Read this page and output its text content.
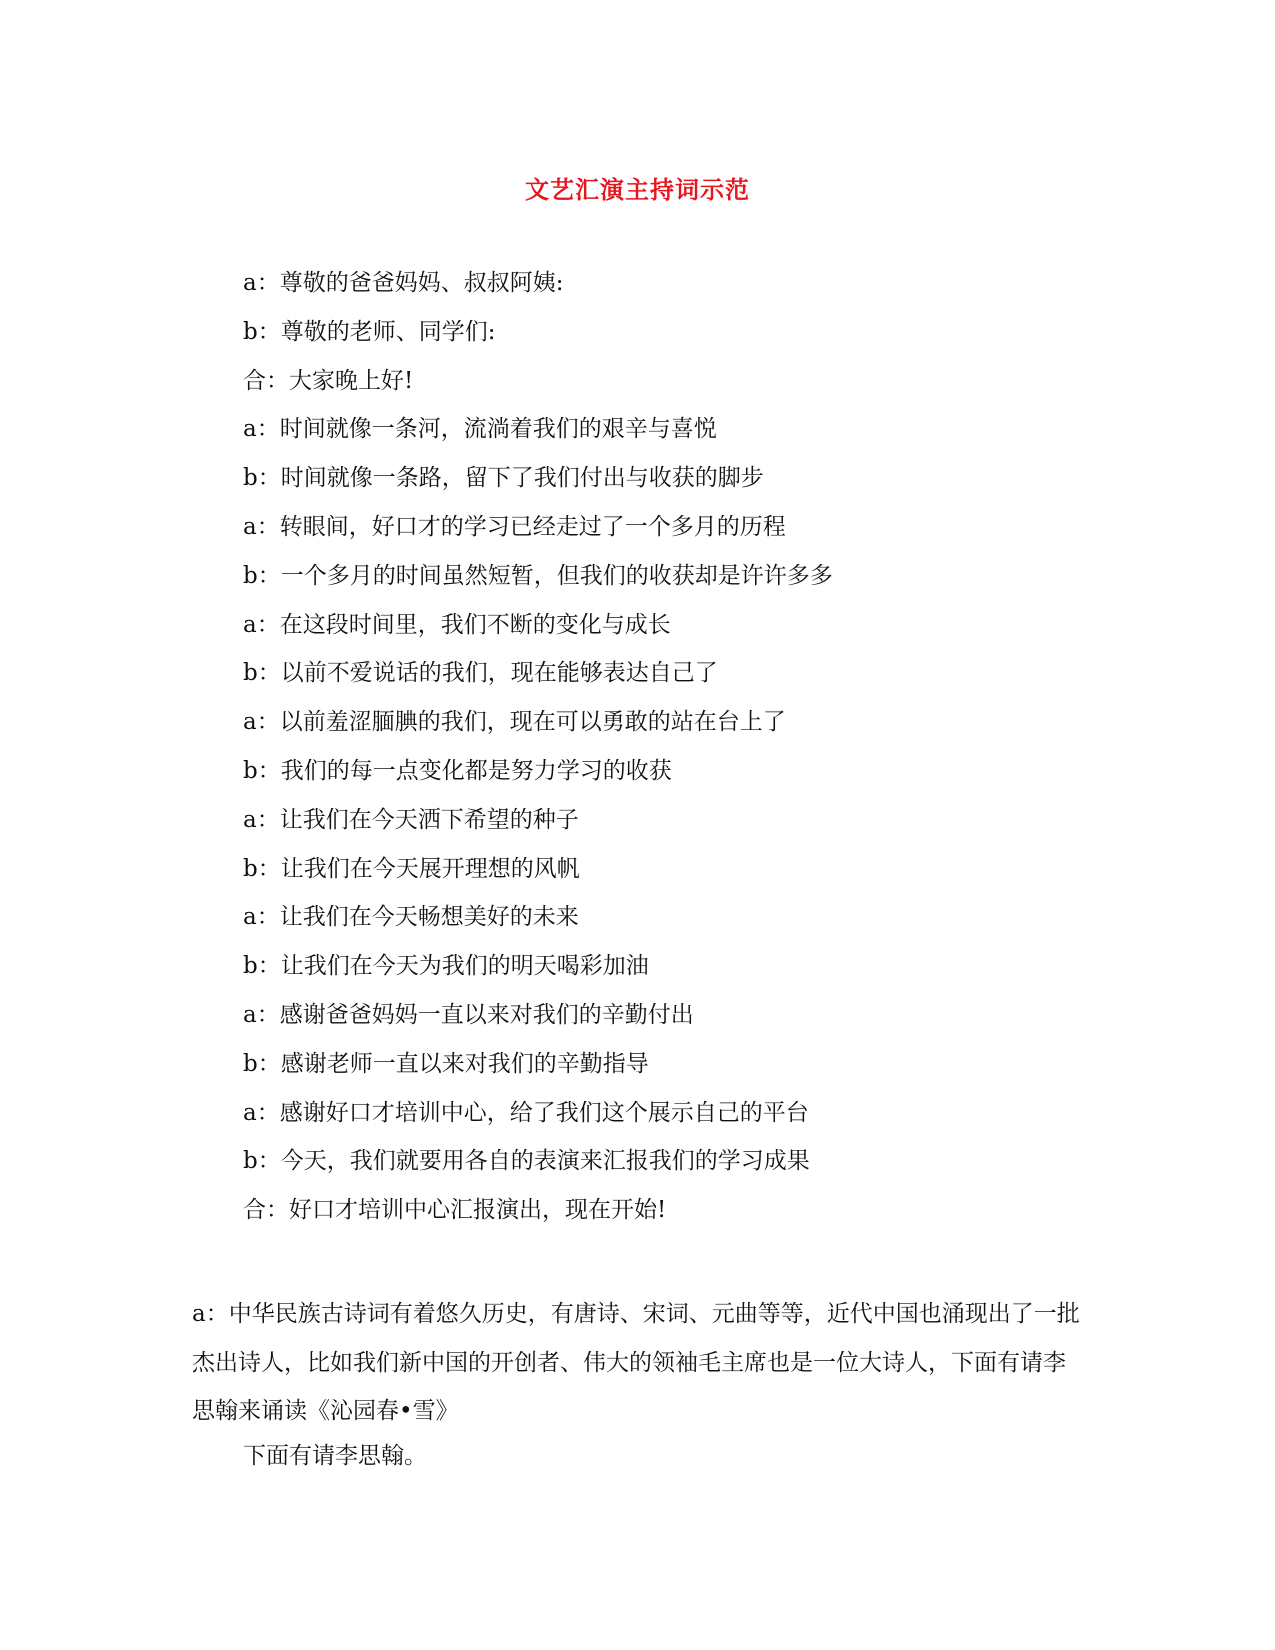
文艺汇演主持词示范
a：尊敬的爸爸妈妈、叔叔阿姨:
b：尊敬的老师、同学们:
合：大家晚上好!
a：时间就像一条河，流淌着我们的艰辛与喜悦
b：时间就像一条路，留下了我们付出与收获的脚步
a：转眼间，好口才的学习已经走过了一个多月的历程
b：一个多月的时间虽然短暂，但我们的收获却是许许多多
a：在这段时间里，我们不断的变化与成长
b：以前不爱说话的我们，现在能够表达自己了
a：以前羞涩腼腆的我们，现在可以勇敢的站在台上了
b：我们的每一点变化都是努力学习的收获
a：让我们在今天洒下希望的种子
b：让我们在今天展开理想的风帆
a：让我们在今天畅想美好的未来
b：让我们在今天为我们的明天喝彩加油
a：感谢爸爸妈妈一直以来对我们的辛勤付出
b：感谢老师一直以来对我们的辛勤指导
a：感谢好口才培训中心，给了我们这个展示自己的平台
b：今天，我们就要用各自的表演来汇报我们的学习成果
合：好口才培训中心汇报演出，现在开始!

a：中华民族古诗词有着悠久历史，有唐诗、宋词、元曲等等，近代中国也涌现出了一批杰出诗人，比如我们新中国的开创者、伟大的领袖毛主席也是一位大诗人，下面有请李思翰来诵读《沁园春•雪》

下面有请李思翰。
